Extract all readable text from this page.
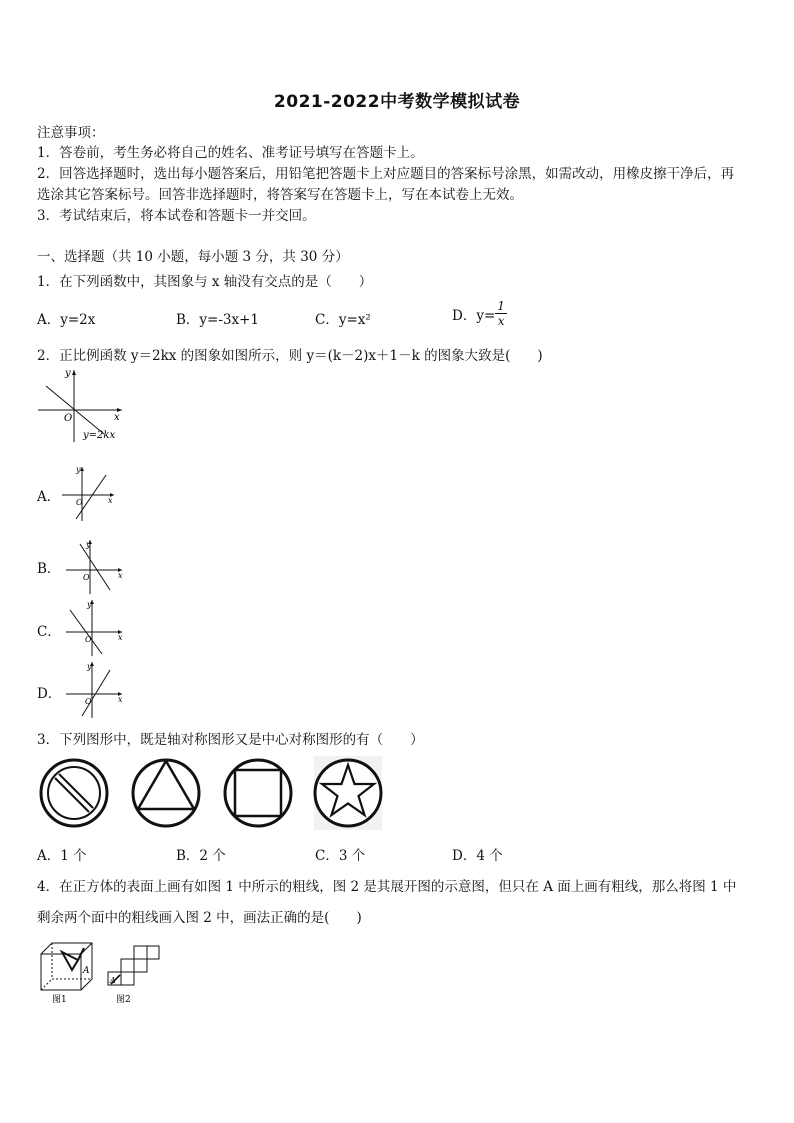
2021-2022中考数学模拟试卷
注意事项：
1．答卷前，考生务必将自己的姓名、准考证号填写在答题卡上。
2．回答选择题时，选出每小题答案后，用铅笔把答题卡上对应题目的答案标号涂黑，如需改动，用橡皮擦干净后，再
选涂其它答案标号。回答非选择题时，将答案写在答题卡上，写在本试卷上无效。
3．考试结束后，将本试卷和答题卡一并交回。
一、选择题（共 10 小题，每小题 3 分，共 30 分）
1．在下列函数中，其图象与 x 轴没有交点的是（　　）
A．y=2x	B．y=-3x+1	C．y=x²	D．$y= \frac{1}{x}$
2．正比例函数 y＝2kx 的图象如图所示，则 y＝(k－2)x＋1－k 的图象大致是(　　)
y
x
O
y=2kx
A． O	x
y
B．
O	x
y
C．	O	x
y
D．	O	x
y
3．下列图形中，既是轴对称图形又是中心对称图形的有（　　）
A．1 个	B．2 个	C．3 个	D．4 个
4．在正方体的表面上画有如图 1 中所示的粗线，图 2 是其展开图的示意图，但只在 A 面上画有粗线，那么将图 1 中
剩余两个面中的粗线画入图 2 中，画法正确的是(　　)
A
图1
A
图2
